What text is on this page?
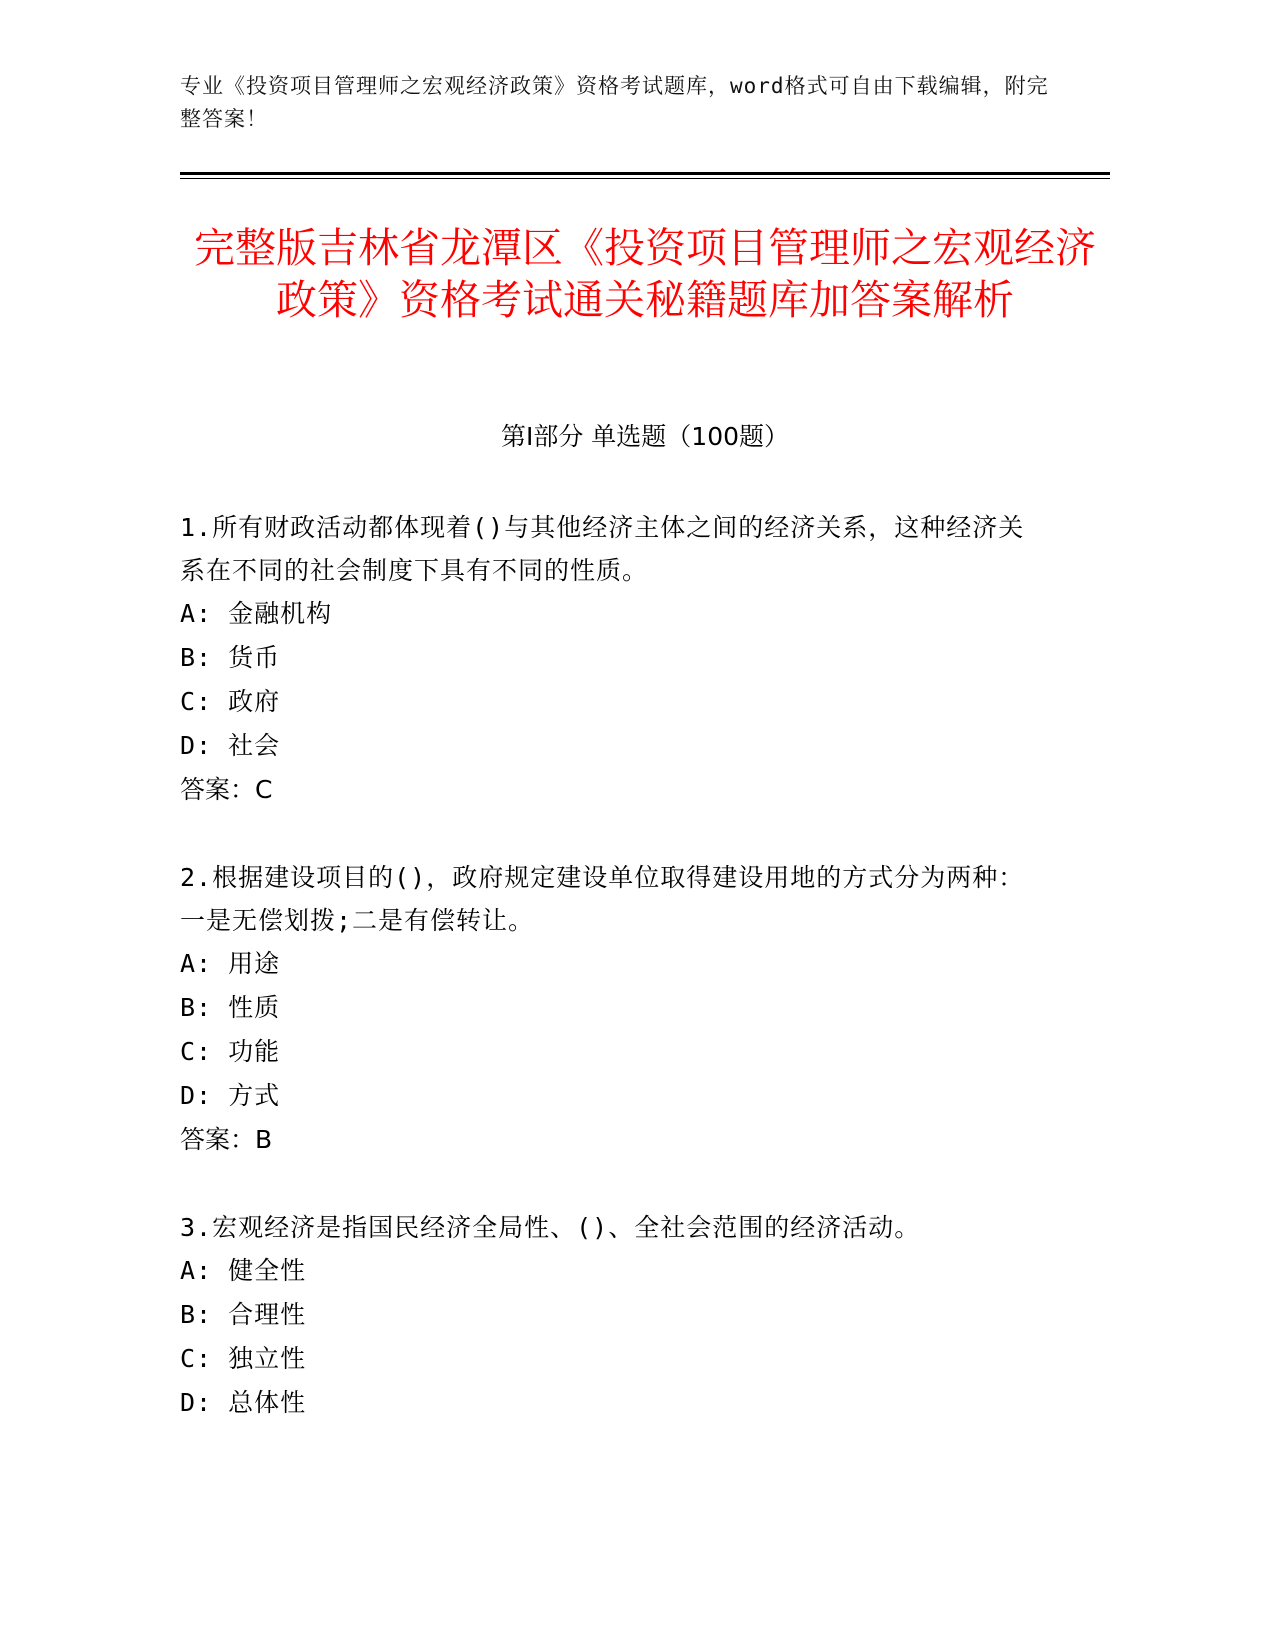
专业《投资项目管理师之宏观经济政策》资格考试题库，word格式可自由下载编辑，附完整答案！
完整版吉林省龙潭区《投资项目管理师之宏观经济政策》资格考试通关秘籍题库加答案解析
第Ⅰ部分 单选题（100题）

1.所有财政活动都体现着()与其他经济主体之间的经济关系，这种经济关系在不同的社会制度下具有不同的性质。

A: 金融机构

B: 货币

C: 政府

D: 社会

答案：C

2.根据建设项目的()，政府规定建设单位取得建设用地的方式分为两种：一是无偿划拨;二是有偿转让。

A: 用途

B: 性质

C: 功能

D: 方式

答案：B

3.宏观经济是指国民经济全局性、()、全社会范围的经济活动。

A: 健全性

B: 合理性

C: 独立性

D: 总体性
